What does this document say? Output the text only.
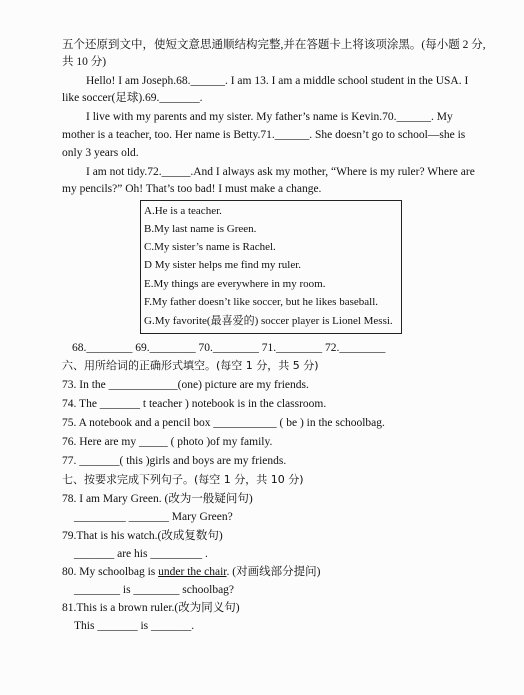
五个还原到文中，使短文意思通顺结构完整,并在答题卡上将该项涂黑。(每小题 2 分,
共 10 分)
Hello! I am Joseph.68.______. I am 13. I am a middle school student in the USA. I
like soccer(足球).69._______.
I live with my parents and my sister. My father’s name is Kevin.70.______. My
mother is a teacher, too. Her name is Betty.71.______. She doesn’t go to school—she is
only 3 years old.
I am not tidy.72._____.And I always ask my mother, “Where is my ruler? Where are
my pencils?” Oh! That’s too bad! I must make a change.
A.He is a teacher.
B.My last name is Green.
C.My sister’s name is Rachel.
D My sister helps me find my ruler.
E.My things are everywhere in my room.
F.My father doesn’t like soccer, but he likes baseball.
G.My favorite(最喜爱的) soccer player is Lionel Messi.
68.________ 69.________ 70.________ 71.________ 72.________
六、用所给词的正确形式填空。(每空 1 分，共 5 分)
73. In the ____________(one) picture are my friends.
74. The _______ t teacher ) notebook is in the classroom.
75. A notebook and a pencil box ___________ ( be ) in the schoolbag.
76. Here are my _____ ( photo )of my family.
77. _______( this )girls and boys are my friends.
七、按要求完成下列句子。(每空 1 分，共 10 分)
78. I am Mary Green. (改为一般疑问句)
_________ _______ Mary Green?
79.That is his watch.(改成复数句)
_______ are his _________ .
80. My schoolbag is under the chair. (对画线部分提问)
________ is ________ schoolbag?
81.This is a brown ruler.(改为同义句)
This _______ is _______.
